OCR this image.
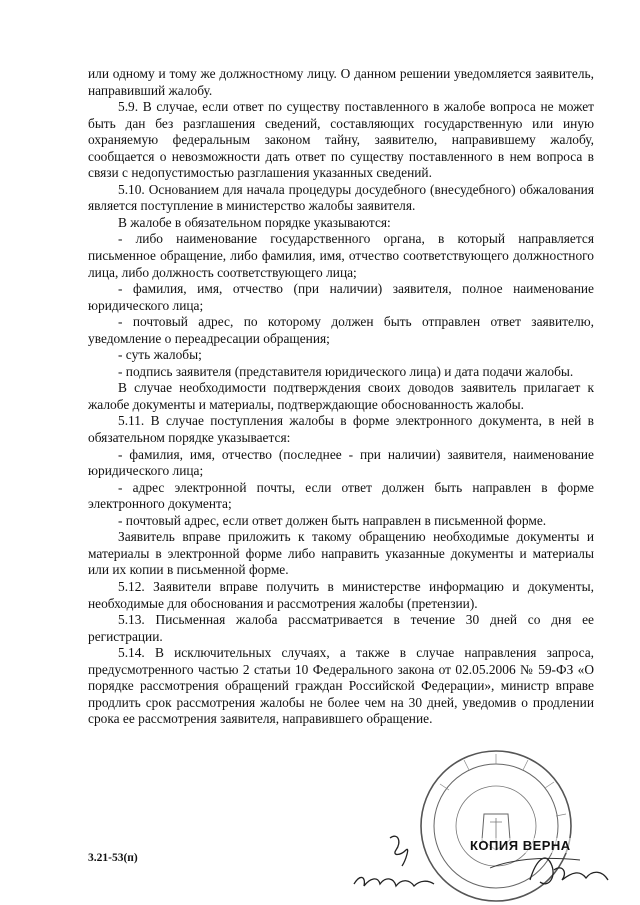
или одному и тому же должностному лицу. О данном решении уведомляется заявитель, направивший жалобу.

5.9. В случае, если ответ по существу поставленного в жалобе вопроса не может быть дан без разглашения сведений, составляющих государственную или иную охраняемую федеральным законом тайну, заявителю, направившему жалобу, сообщается о невозможности дать ответ по существу поставленного в нем вопроса в связи с недопустимостью разглашения указанных сведений.

5.10. Основанием для начала процедуры досудебного (внесудебного) обжалования является поступление в министерство жалобы заявителя.

В жалобе в обязательном порядке указываются:

- либо наименование государственного органа, в который направляется письменное обращение, либо фамилия, имя, отчество соответствующего должностного лица, либо должность соответствующего лица;

- фамилия, имя, отчество (при наличии) заявителя, полное наименование юридического лица;

- почтовый адрес, по которому должен быть отправлен ответ заявителю, уведомление о переадресации обращения;

- суть жалобы;

- подпись заявителя (представителя юридического лица) и дата подачи жалобы.

В случае необходимости подтверждения своих доводов заявитель прилагает к жалобе документы и материалы, подтверждающие обоснованность жалобы.

5.11. В случае поступления жалобы в форме электронного документа, в ней в обязательном порядке указывается:

- фамилия, имя, отчество (последнее - при наличии) заявителя, наименование юридического лица;

- адрес электронной почты, если ответ должен быть направлен в форме электронного документа;

- почтовый адрес, если ответ должен быть направлен в письменной форме.

Заявитель вправе приложить к такому обращению необходимые документы и материалы в электронной форме либо направить указанные документы и материалы или их копии в письменной форме.

5.12. Заявители вправе получить в министерстве информацию и документы, необходимые для обоснования и рассмотрения жалобы (претензии).

5.13. Письменная жалоба рассматривается в течение 30 дней со дня ее регистрации.

5.14. В исключительных случаях, а также в случае направления запроса, предусмотренного частью 2 статьи 10 Федерального закона от 02.05.2006 № 59-ФЗ «О порядке рассмотрения обращений граждан Российской Федерации», министр вправе продлить срок рассмотрения жалобы не более чем на 30 дней, уведомив о продлении срока ее рассмотрения заявителя, направившего обращение.

3.21-53(п)
КОПИЯ ВЕРНА
